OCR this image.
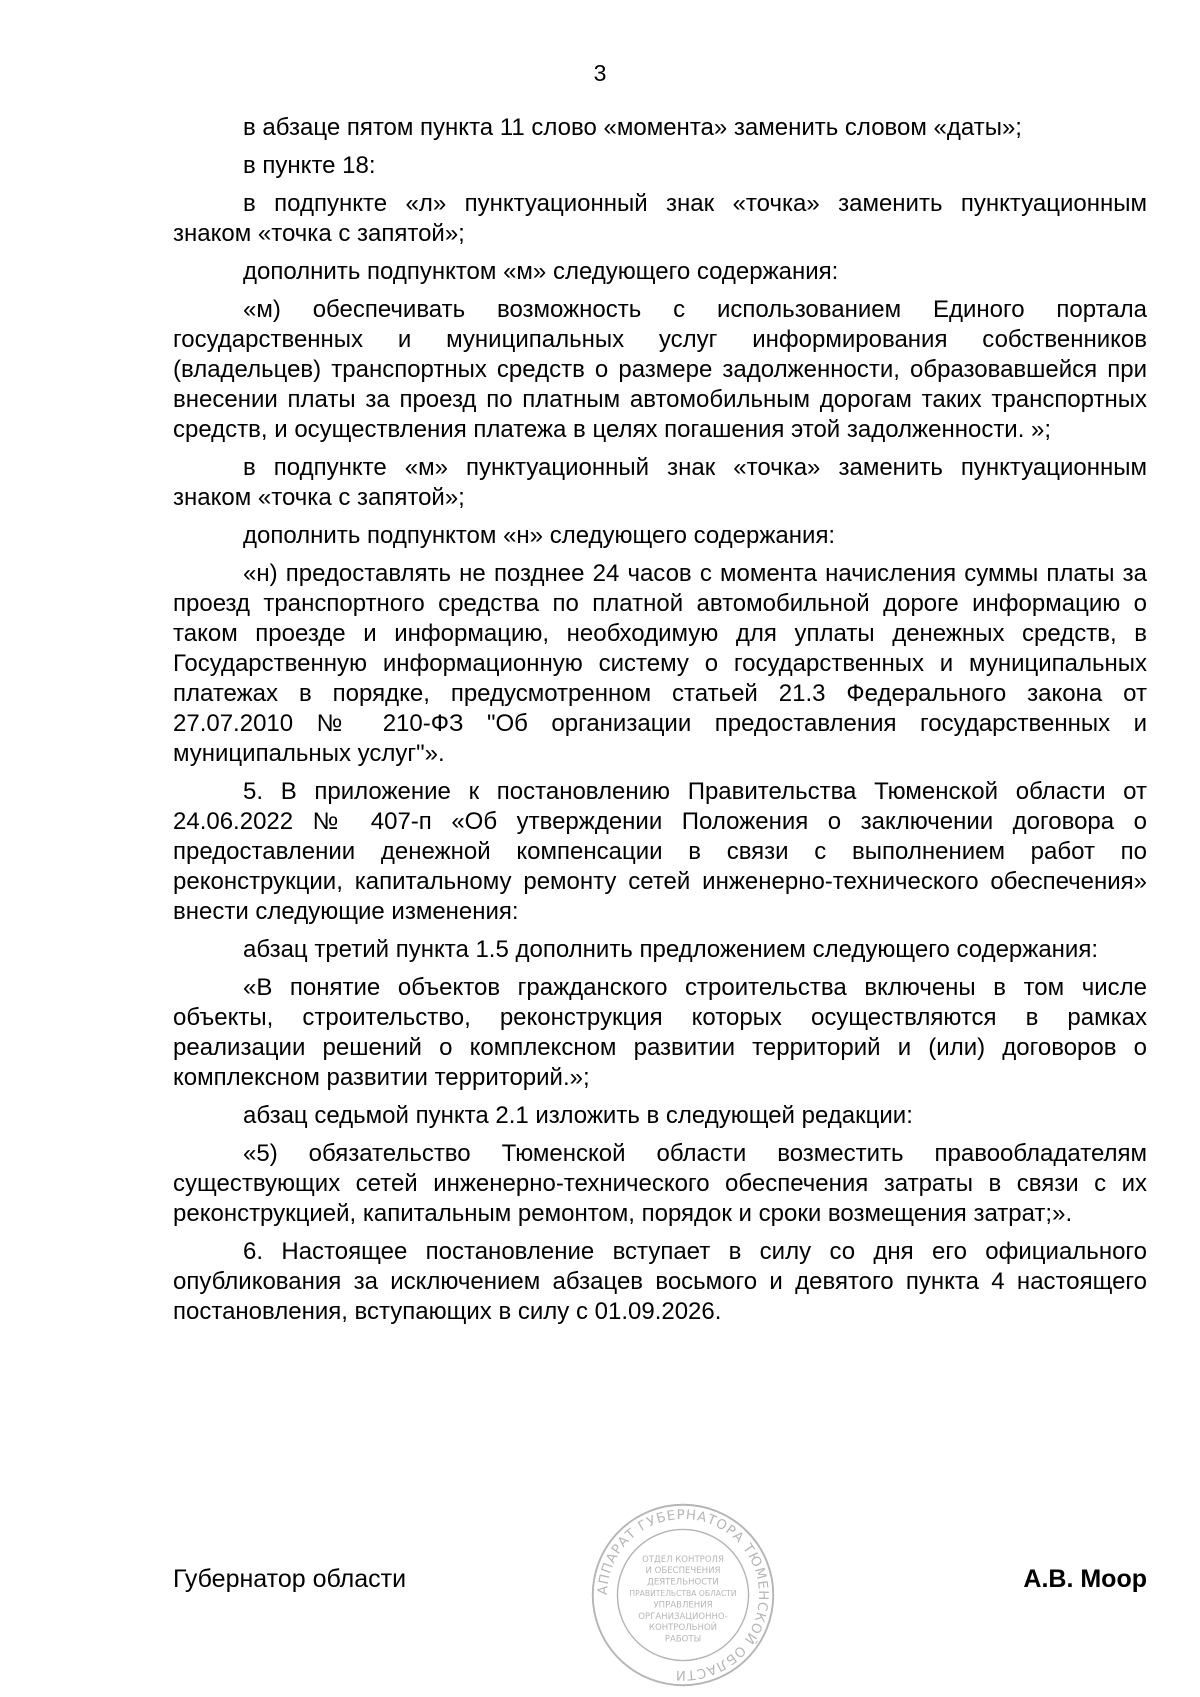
3

в абзаце пятом пункта 11 слово «момента» заменить словом «даты»;

в пункте 18:

в подпункте «л» пунктуационный знак «точка» заменить пунктуационным знаком «точка с запятой»;

дополнить подпунктом «м» следующего содержания:

«м) обеспечивать возможность с использованием Единого портала государственных и муниципальных услуг информирования собственников (владельцев) транспортных средств о размере задолженности, образовавшейся при внесении платы за проезд по платным автомобильным дорогам таких транспортных средств, и осуществления платежа в целях погашения этой задолженности. »;

в подпункте «м» пунктуационный знак «точка» заменить пунктуационным знаком «точка с запятой»;

дополнить подпунктом «н» следующего содержания:

«н) предоставлять не позднее 24 часов с момента начисления суммы платы за проезд транспортного средства по платной автомобильной дороге информацию о таком проезде и информацию, необходимую для уплаты денежных средств, в Государственную информационную систему о государственных и муниципальных платежах в порядке, предусмотренном статьей 21.3 Федерального закона от 27.07.2010 № 210-ФЗ "Об организации предоставления государственных и муниципальных услуг"».

5. В приложение к постановлению Правительства Тюменской области от 24.06.2022 № 407-п «Об утверждении Положения о заключении договора о предоставлении денежной компенсации в связи с выполнением работ по реконструкции, капитальному ремонту сетей инженерно-технического обеспечения» внести следующие изменения:

абзац третий пункта 1.5 дополнить предложением следующего содержания:

«В понятие объектов гражданского строительства включены в том числе объекты, строительство, реконструкция которых осуществляются в рамках реализации решений о комплексном развитии территорий и (или) договоров о комплексном развитии территорий.»;

абзац седьмой пункта 2.1 изложить в следующей редакции:

«5) обязательство Тюменской области возместить правообладателям существующих сетей инженерно-технического обеспечения затраты в связи с их реконструкцией, капитальным ремонтом, порядок и сроки возмещения затрат;».

6. Настоящее постановление вступает в силу со дня его официального опубликования за исключением абзацев восьмого и девятого пункта 4 настоящего постановления, вступающих в силу с 01.09.2026.

АППАРАТ ГУБЕРНАТОРА ТЮМЕНСКОЙ ОБЛАСТИ
ОТДЕЛ КОНТРОЛЯ
И ОБЕСПЕЧЕНИЯ
ДЕЯТЕЛЬНОСТИ
ПРАВИТЕЛЬСТВА ОБЛАСТИ
УПРАВЛЕНИЯ
ОРГАНИЗАЦИОННО-
КОНТРОЛЬНОЙ
РАБОТЫ
Губернатор области	А.В. Моор
